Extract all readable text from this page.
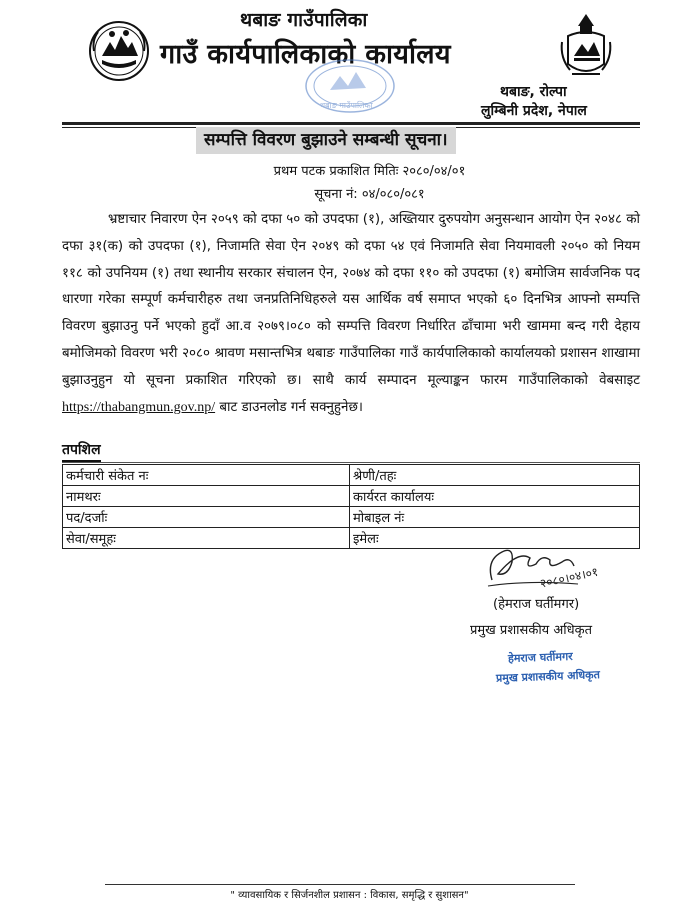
थबाङ गाउँपालिका
गाउँ कार्यपालिकाको कार्यालय
थबाङ गाउँपालिका
थबाङ, रोल्पा
लुम्बिनी प्रदेश, नेपाल
सम्पत्ति विवरण बुझाउने सम्बन्धी सूचना।
प्रथम पटक प्रकाशित मितिः २०८०/०४/०१
सूचना नं: ०४/०८०/०८१
भ्रष्टाचार निवारण ऐन २०५९ को दफा ५० को उपदफा (१), अख्तियार दुरुपयोग अनुसन्धान आयोग ऐन २०४८ को दफा ३१(क) को उपदफा (१), निजामति सेवा ऐन २०४९ को दफा ५४ एवं निजामति सेवा नियमावली २०५० को नियम ११८ को उपनियम (१) तथा स्थानीय सरकार संचालन ऐन, २०७४ को दफा ११० को उपदफा (१) बमोजिम सार्वजनिक पद धारणा गरेका सम्पूर्ण कर्मचारीहरु तथा जनप्रतिनिधिहरुले यस आर्थिक वर्ष समाप्त भएको ६० दिनभित्र आफ्नो सम्पत्ति विवरण बुझाउनु पर्ने भएको हुदाँ आ.व २०७९।०८० को सम्पत्ति विवरण निर्धारित ढाँचामा भरी खाममा बन्द गरी देहाय बमोजिमको विवरण भरी २०८० श्रावण मसान्तभित्र थबाङ गाउँपालिका गाउँ कार्यपालिकाको कार्यालयको प्रशासन शाखामा बुझाउनुहुन यो सूचना प्रकाशित गरिएको छ। साथै कार्य सम्पादन मूल्याङ्कन फारम गाउँपालिकाको वेबसाइट https://thabangmun.gov.np/ बाट डाउनलोड गर्न सक्नुहुनेछ।
तपशिल
कर्मचारी संकेत नः	श्रेणी/तहः
नामथरः	कार्यरत कार्यालयः
पद/दर्जाः	मोबाइल नंः
सेवा/समूहः	इमेलः
२०८०।०४।०१
(हेमराज घर्तीमगर)
प्रमुख प्रशासकीय अधिकृत
हेमराज घर्तीमगर
प्रमुख प्रशासकीय अधिकृत
" व्यावसायिक र सिर्जनशील प्रशासन : विकास, समृद्धि र सुशासन"
